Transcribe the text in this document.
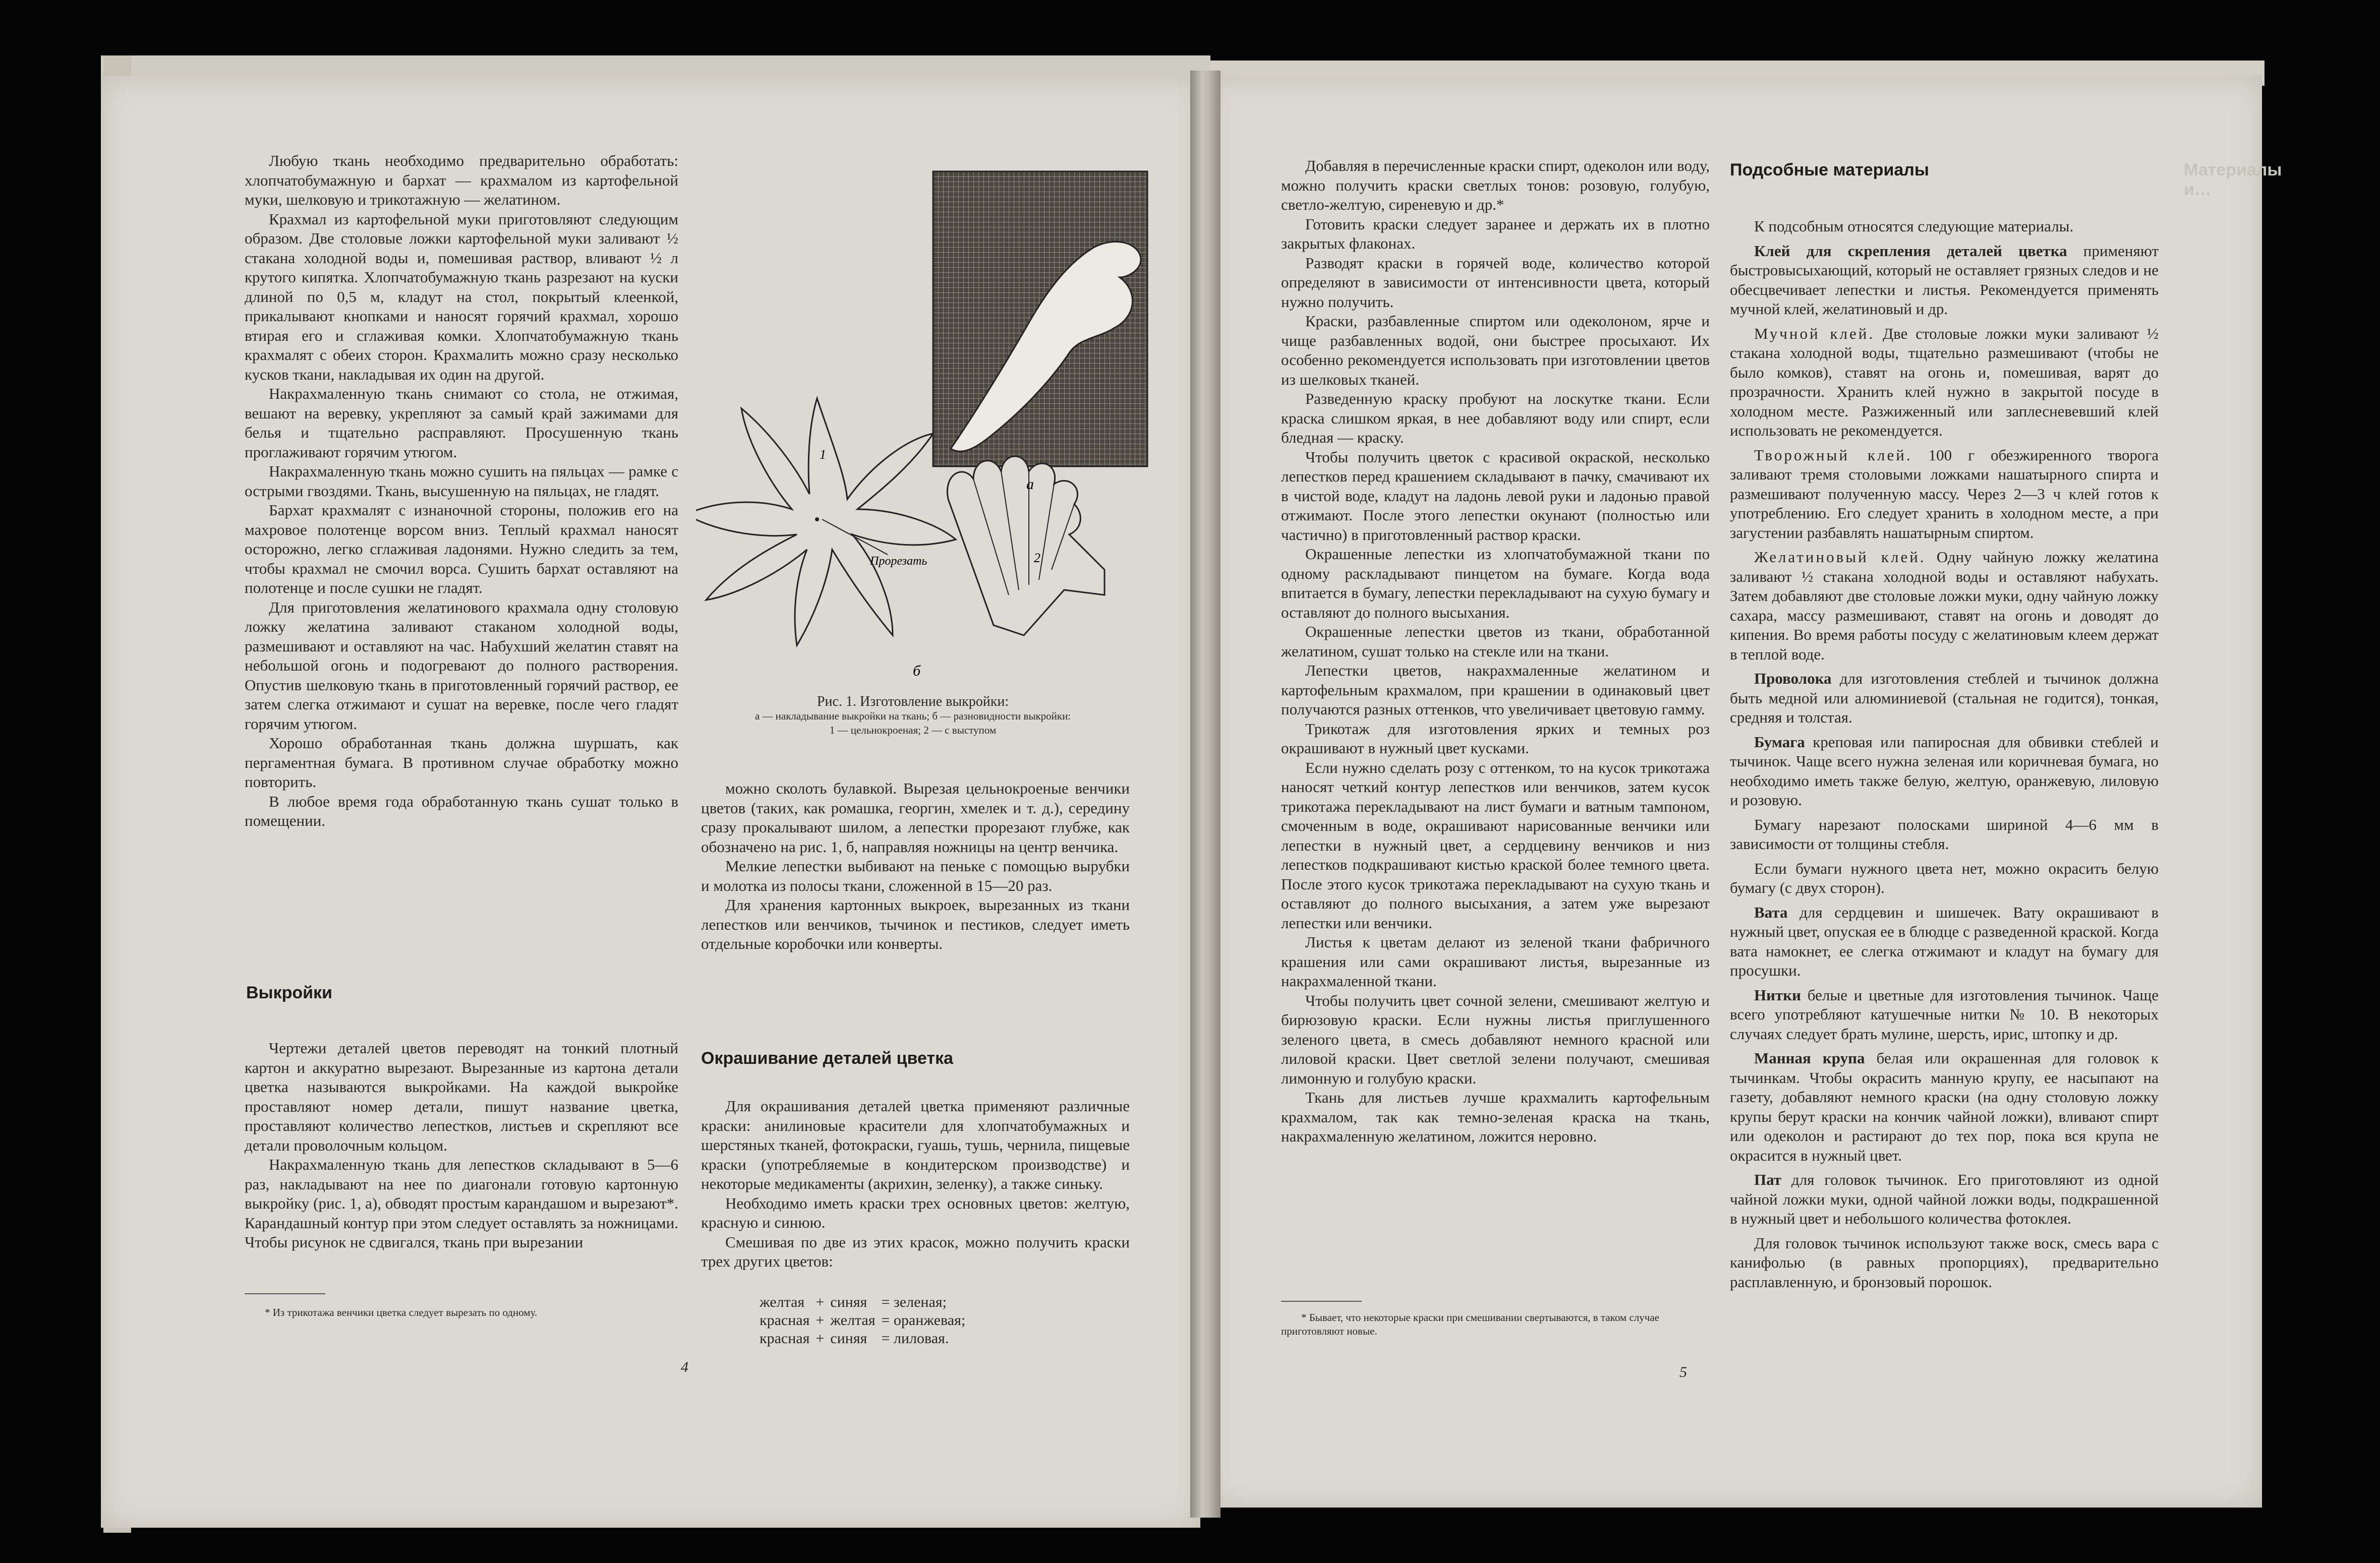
Любую ткань необходимо предварительно обработать: хлопчатобумажную и бархат — крахмалом из картофельной муки, шелковую и трикотажную — желатином.

Крахмал из картофельной муки приготовляют следующим образом. Две столовые ложки картофельной муки заливают ½ стакана холодной воды и, помешивая раствор, вливают ½ л крутого кипятка. Хлопчатобумажную ткань разрезают на куски длиной по 0,5 м, кладут на стол, покрытый клеенкой, прикалывают кнопками и наносят горячий крахмал, хорошо втирая его и сглаживая комки. Хлопчатобумажную ткань крахмалят с обеих сторон. Крахмалить можно сразу несколько кусков ткани, накладывая их один на другой.

Накрахмаленную ткань снимают со стола, не отжимая, вешают на веревку, укрепляют за самый край зажимами для белья и тщательно расправляют. Просушенную ткань проглаживают горячим утюгом.

Накрахмаленную ткань можно сушить на пяльцах — рамке с острыми гвоздями. Ткань, высушенную на пяльцах, не гладят.

Бархат крахмалят с изнаночной стороны, положив его на махровое полотенце ворсом вниз. Теплый крахмал наносят осторожно, легко сглаживая ладонями. Нужно следить за тем, чтобы крахмал не смочил ворса. Сушить бархат оставляют на полотенце и после сушки не гладят.

Для приготовления желатинового крахмала одну столовую ложку желатина заливают стаканом холодной воды, размешивают и оставляют на час. Набухший желатин ставят на небольшой огонь и подогревают до полного растворения. Опустив шелковую ткань в приготовленный горячий раствор, ее затем слегка отжимают и сушат на веревке, после чего гладят горячим утюгом.

Хорошо обработанная ткань должна шуршать, как пергаментная бумага. В противном случае обработку можно повторить.

В любое время года обработанную ткань сушат только в помещении.

Выкройки

Чертежи деталей цветов переводят на тонкий плотный картон и аккуратно вырезают. Вырезанные из картона детали цветка называются выкройками. На каждой выкройке проставляют номер детали, пишут название цветка, проставляют количество лепестков, листьев и скрепляют все детали проволочным кольцом.

Накрахмаленную ткань для лепестков складывают в 5—6 раз, накладывают на нее по диагонали готовую картонную выкройку (рис. 1, а), обводят простым карандашом и вырезают*. Карандашный контур при этом следует оставлять за ножницами. Чтобы рисунок не сдвигался, ткань при вырезании

* Из трикотажа венчики цветка следует вырезать по одному.
1
2
Прорезать
а
б
Рис. 1. Изготовление выкройки:
а — накладывание выкройки на ткань; б — разновидности выкройки:
1 — цельнокроеная; 2 — с выступом

можно сколоть булавкой. Вырезая цельнокроеные венчики цветов (таких, как ромашка, георгин, хмелек и т. д.), середину сразу прокалывают шилом, а лепестки прорезают глубже, как обозначено на рис. 1, б, направляя ножницы на центр венчика.

Мелкие лепестки выбивают на пеньке с помощью вырубки и молотка из полосы ткани, сложенной в 15—20 раз.

Для хранения картонных выкроек, вырезанных из ткани лепестков или венчиков, тычинок и пестиков, следует иметь отдельные коробочки или конверты.

Окрашивание деталей цветка

Для окрашивания деталей цветка применяют различные краски: анилиновые красители для хлопчатобумажных и шерстяных тканей, фотокраски, гуашь, тушь, чернила, пищевые краски (употребляемые в кондитерском производстве) и некоторые медикаменты (акрихин, зеленку), а также синьку.

Необходимо иметь краски трех основных цветов: желтую, красную и синюю.

Смешивая по две из этих красок, можно получить краски трех других цветов:

желтая	+	синяя	= зеленая;
красная	+	желтая	= оранжевая;
красная	+	синяя	= лиловая.
4

Добавляя в перечисленные краски спирт, одеколон или воду, можно получить краски светлых тонов: розовую, голубую, светло-желтую, сиреневую и др.*

Готовить краски следует заранее и держать их в плотно закрытых флаконах.

Разводят краски в горячей воде, количество которой определяют в зависимости от интенсивности цвета, который нужно получить.

Краски, разбавленные спиртом или одеколоном, ярче и чище разбавленных водой, они быстрее просыхают. Их особенно рекомендуется использовать при изготовлении цветов из шелковых тканей.

Разведенную краску пробуют на лоскутке ткани. Если краска слишком яркая, в нее добавляют воду или спирт, если бледная — краску.

Чтобы получить цветок с красивой окраской, несколько лепестков перед крашением складывают в пачку, смачивают их в чистой воде, кладут на ладонь левой руки и ладонью правой отжимают. После этого лепестки окунают (полностью или частично) в приготовленный раствор краски.

Окрашенные лепестки из хлопчатобумажной ткани по одному раскладывают пинцетом на бумаге. Когда вода впитается в бумагу, лепестки перекладывают на сухую бумагу и оставляют до полного высыхания.

Окрашенные лепестки цветов из ткани, обработанной желатином, сушат только на стекле или на ткани.

Лепестки цветов, накрахмаленные желатином и картофельным крахмалом, при крашении в одинаковый цвет получаются разных оттенков, что увеличивает цветовую гамму.

Трикотаж для изготовления ярких и темных роз окрашивают в нужный цвет кусками.

Если нужно сделать розу с оттенком, то на кусок трикотажа наносят четкий контур лепестков или венчиков, затем кусок трикотажа перекладывают на лист бумаги и ватным тампоном, смоченным в воде, окрашивают нарисованные венчики или лепестки в нужный цвет, а сердцевину венчиков и низ лепестков подкрашивают кистью краской более темного цвета. После этого кусок трикотажа перекладывают на сухую ткань и оставляют до полного высыхания, а затем уже вырезают лепестки или венчики.

Листья к цветам делают из зеленой ткани фабричного крашения или сами окрашивают листья, вырезанные из накрахмаленной ткани.

Чтобы получить цвет сочной зелени, смешивают желтую и бирюзовую краски. Если нужны листья приглушенного зеленого цвета, в смесь добавляют немного красной или лиловой краски. Цвет светлой зелени получают, смешивая лимонную и голубую краски.

Ткань для листьев лучше крахмалить картофельным крахмалом, так как темно-зеленая краска на ткань, накрахмаленную желатином, ложится неровно.

* Бывает, что некоторые краски при смешивании свертываются, в таком случае приготовляют новые.
Подсобные материалы

К подсобным относятся следующие материалы.

Клей для скрепления деталей цветка применяют быстровысыхающий, который не оставляет грязных следов и не обесцвечивает лепестки и листья. Рекомендуется применять мучной клей, желатиновый и др.

Мучной клей. Две столовые ложки муки заливают ½ стакана холодной воды, тщательно размешивают (чтобы не было комков), ставят на огонь и, помешивая, варят до прозрачности. Хранить клей нужно в закрытой посуде в холодном месте. Разжиженный или заплесневевший клей использовать не рекомендуется.

Творожный клей. 100 г обезжиренного творога заливают тремя столовыми ложками нашатырного спирта и размешивают полученную массу. Через 2—3 ч клей готов к употреблению. Его следует хранить в холодном месте, а при загустении разбавлять нашатырным спиртом.

Желатиновый клей. Одну чайную ложку желатина заливают ½ стакана холодной воды и оставляют набухать. Затем добавляют две столовые ложки муки, одну чайную ложку сахара, массу размешивают, ставят на огонь и доводят до кипения. Во время работы посуду с желатиновым клеем держат в теплой воде.

Проволока для изготовления стеблей и тычинок должна быть медной или алюминиевой (стальная не годится), тонкая, средняя и толстая.

Бумага креповая или папиросная для обвивки стеблей и тычинок. Чаще всего нужна зеленая или коричневая бумага, но необходимо иметь также белую, желтую, оранжевую, лиловую и розовую.

Бумагу нарезают полосками шириной 4—6 мм в зависимости от толщины стебля.

Если бумаги нужного цвета нет, можно окрасить белую бумагу (с двух сторон).

Вата для сердцевин и шишечек. Вату окрашивают в нужный цвет, опуская ее в блюдце с разведенной краской. Когда вата намокнет, ее слегка отжимают и кладут на бумагу для просушки.

Нитки белые и цветные для изготовления тычинок. Чаще всего употребляют катушечные нитки № 10. В некоторых случаях следует брать мулине, шерсть, ирис, штопку и др.

Манная крупа белая или окрашенная для головок к тычинкам. Чтобы окрасить манную крупу, ее насыпают на газету, добавляют немного краски (на одну столовую ложку крупы берут краски на кончик чайной ложки), вливают спирт или одеколон и растирают до тех пор, пока вся крупа не окрасится в нужный цвет.

Пат для головок тычинок. Его приготовляют из одной чайной ложки муки, одной чайной ложки воды, подкрашенной в нужный цвет и небольшого количества фотоклея.

Для головок тычинок используют также воск, смесь вара с канифолью (в равных пропорциях), предварительно расплавленную, и бронзовый порошок.

Материалы и…
5
